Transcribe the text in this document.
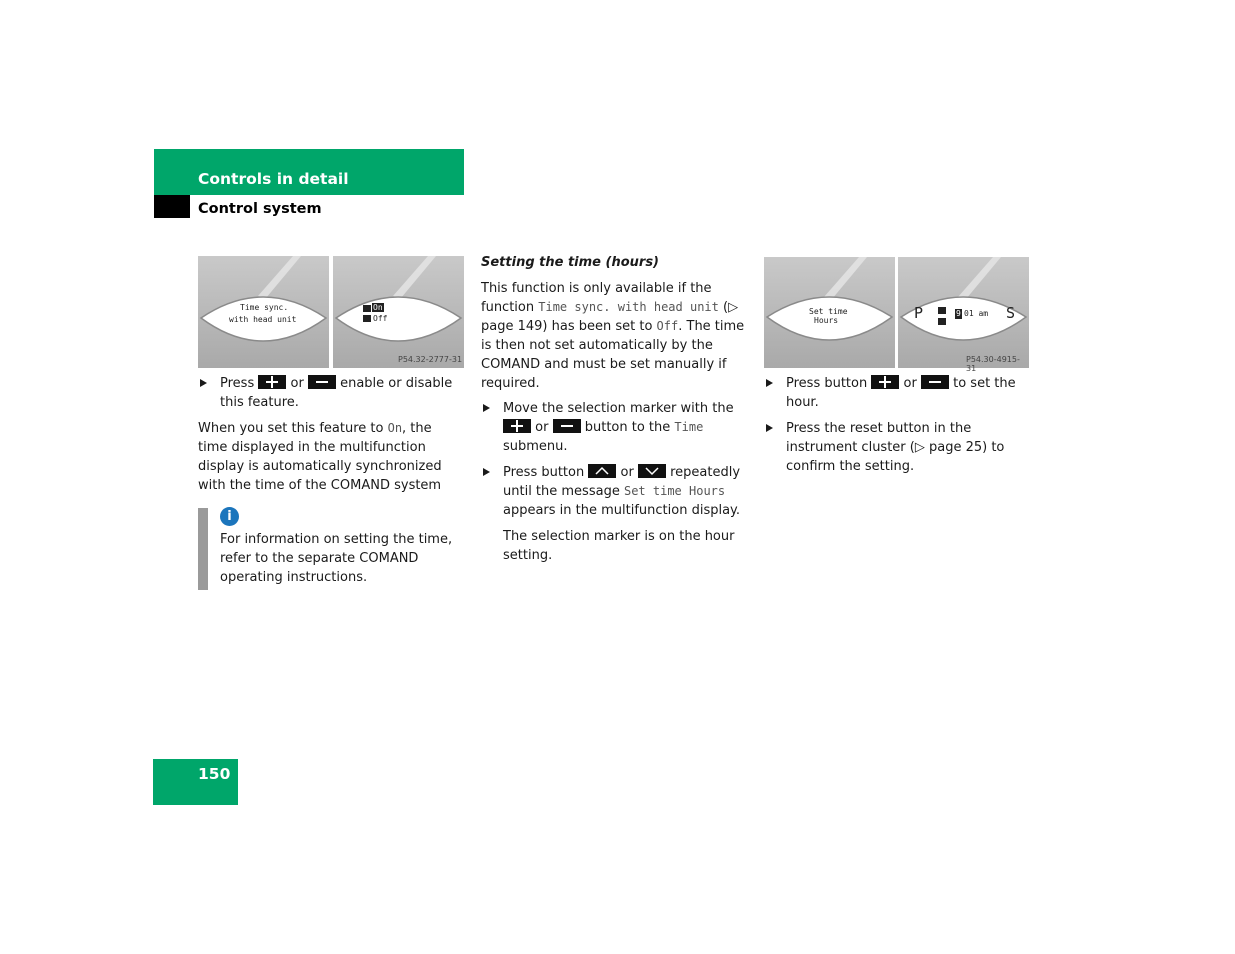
Controls in detail
Control system
Time sync.
with head unit
On
Off
P54.32-2777-31
Press	or	enable or disable this feature.
When you set this feature to On, the time displayed in the multifunction display is automatically synchronized with the time of the COMAND system
i
For information on setting the time, refer to the separate COMAND operating instructions.
Setting the time (hours)
This function is only available if the function Time sync. with head unit (▷ page 149) has been set to Off. The time is then not set automatically by the COMAND and must be set manually if required.
Move the selection marker with the  or	button to the Time submenu.
Press button	or	repeatedly until the message Set time Hours appears in the multifunction display.
The selection marker is on the hour setting.
Set time
Hours	P	9 01 am S
P54.30-4915-31
Press button	or	to set the hour.
Press the reset button in the instrument cluster (▷ page 25) to confirm the setting.
150
